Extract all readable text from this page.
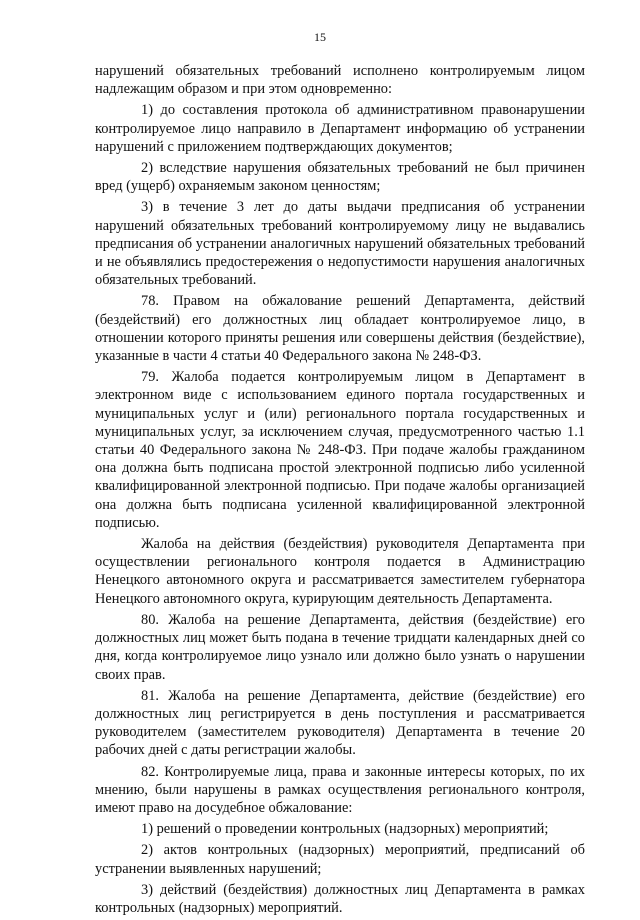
15

нарушений обязательных требований исполнено контролируемым лицом надлежащим образом и при этом одновременно:

1) до составления протокола об административном правонарушении контролируемое лицо направило в Департамент информацию об устранении нарушений с приложением подтверждающих документов;

2) вследствие нарушения обязательных требований не был причинен вред (ущерб) охраняемым законом ценностям;

3) в течение 3 лет до даты выдачи предписания об устранении нарушений обязательных требований контролируемому лицу не выдавались предписания об устранении аналогичных нарушений обязательных требований и не объявлялись предостережения о недопустимости нарушения аналогичных обязательных требований.

78. Правом на обжалование решений Департамента, действий (бездействий) его должностных лиц обладает контролируемое лицо, в отношении которого приняты решения или совершены действия (бездействие), указанные в части 4 статьи 40 Федерального закона № 248-ФЗ.

79. Жалоба подается контролируемым лицом в Департамент в электронном виде с использованием единого портала государственных и муниципальных услуг и (или) регионального портала государственных и муниципальных услуг, за исключением случая, предусмотренного частью 1.1 статьи 40 Федерального закона № 248-ФЗ. При подаче жалобы гражданином она должна быть подписана простой электронной подписью либо усиленной квалифицированной электронной подписью. При подаче жалобы организацией она должна быть подписана усиленной квалифицированной электронной подписью.

Жалоба на действия (бездействия) руководителя Департамента при осуществлении регионального контроля подается в Администрацию Ненецкого автономного округа и рассматривается заместителем губернатора Ненецкого автономного округа, курирующим деятельность Департамента.

80. Жалоба на решение Департамента, действия (бездействие) его должностных лиц может быть подана в течение тридцати календарных дней со дня, когда контролируемое лицо узнало или должно было узнать о нарушении своих прав.

81. Жалоба на решение Департамента, действие (бездействие) его должностных лиц регистрируется в день поступления и рассматривается руководителем (заместителем руководителя) Департамента в течение 20 рабочих дней с даты регистрации жалобы.

82. Контролируемые лица, права и законные интересы которых, по их мнению, были нарушены в рамках осуществления регионального контроля, имеют право на досудебное обжалование:

1) решений о проведении контрольных (надзорных) мероприятий;

2) актов контрольных (надзорных) мероприятий, предписаний об устранении выявленных нарушений;

3) действий (бездействия) должностных лиц Департамента в рамках контрольных (надзорных) мероприятий.
